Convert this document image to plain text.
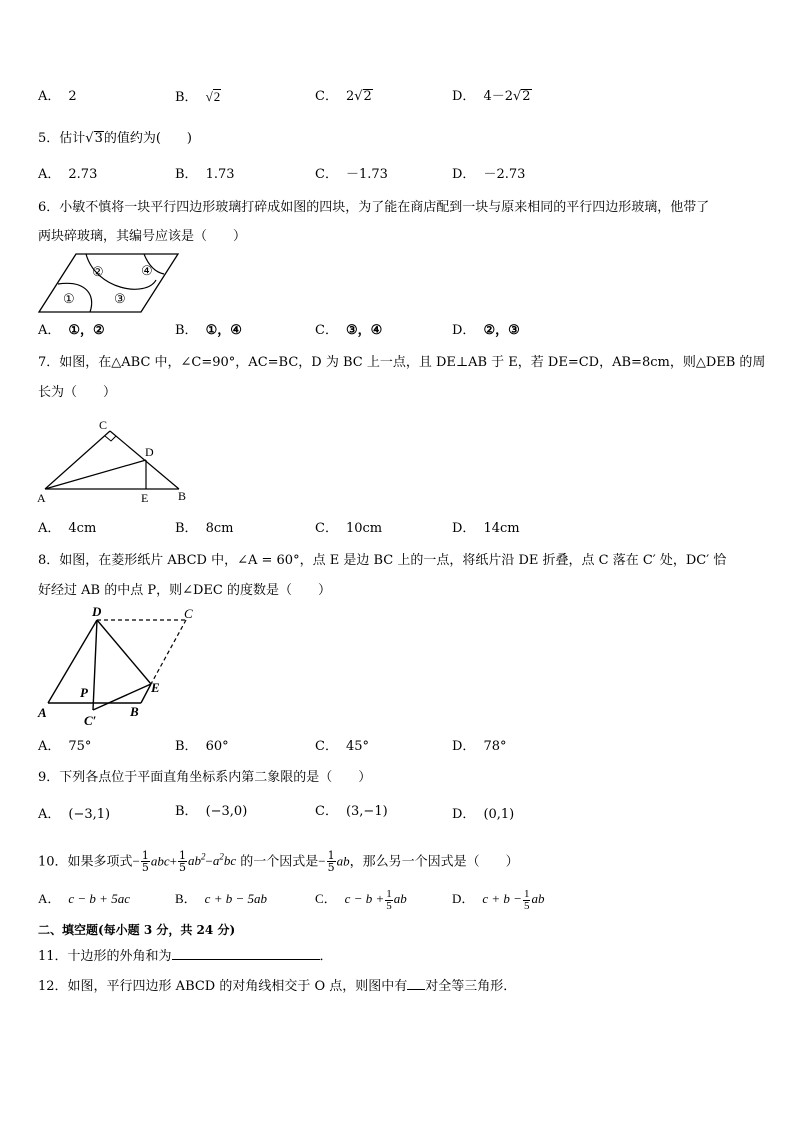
A． 2	B． √2	C． 2√2	D． 4－2√2
5．估计√3的值约为(　　)
A． 2.73	B． 1.73	C． －1.73	D． －2.73
6．小敏不慎将一块平行四边形玻璃打碎成如图的四块，为了能在商店配到一块与原来相同的平行四边形玻璃，他带了
两块碎玻璃，其编号应该是（　　）
①
②
③
④
A． ①，②	B． ①，④	C． ③，④	D． ②，③
7．如图，在△ABC 中，∠C=90°，AC=BC，D 为 BC 上一点，且 DE⊥AB 于 E，若 DE=CD，AB=8cm，则△DEB 的周
长为（　　）
C
D
A	E B
A． 4cm	B． 8cm	C． 10cm	D． 14cm
8．如图，在菱形纸片 ABCD 中，∠A = 60°，点 E 是边 BC 上的一点，将纸片沿 DE 折叠，点 C 落在 C′ 处，DC′ 恰
好经过 AB 的中点 P，则∠DEC 的度数是（　　）
D	C
P	E
A
C′
B
A． 75°	B． 60°	C． 45°	D． 78°
9．下列各点位于平面直角坐标系内第二象限的是（　　）
A． (−3,1)	B． (−3,0)	C． (3,−1)	D． (0,1)
10．如果多项式− $\frac{1}{5} abc+ \frac{1}{5} ab^2-a^2bc$ 的一个因式是− $\frac{1}{5}$ ab，那么另一个因式是（　　）
A． c − b + 5ac	B． c + b − 5ab	C． $c - b + \frac{1}{5}$ ab	D． $c + b - \frac{1}{5}$ ab
二、填空题(每小题 3 分，共 24 分)
11．十边形的外角和为	．
12．如图，平行四边形 ABCD 的对角线相交于 O 点，则图中有 对全等三角形．
